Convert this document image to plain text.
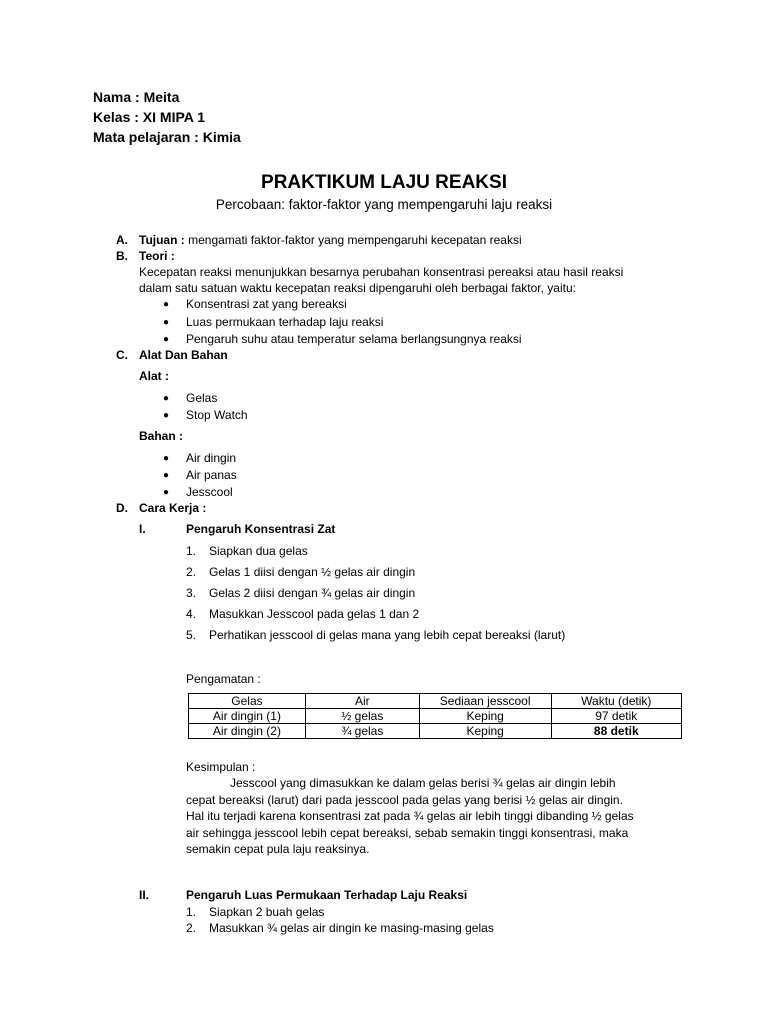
Nama : Meita
Kelas : XI MIPA 1
Mata pelajaran : Kimia
PRAKTIKUM LAJU REAKSI
Percobaan: faktor-faktor yang mempengaruhi laju reaksi
A. Tujuan : mengamati faktor-faktor yang mempengaruhi kecepatan reaksi
B. Teori :
Kecepatan reaksi menunjukkan besarnya perubahan konsentrasi pereaksi atau hasil reaksi
dalam satu satuan waktu kecepatan reaksi dipengaruhi oleh berbagai faktor, yaitu:
● Konsentrasi zat yang bereaksi
● Luas permukaan terhadap laju reaksi
● Pengaruh suhu atau temperatur selama berlangsungnya reaksi
C. Alat Dan Bahan
Alat :
● Gelas
● Stop Watch
Bahan :
● Air dingin
● Air panas
● Jesscool
D. Cara Kerja :
I.	Pengaruh Konsentrasi Zat
1. Siapkan dua gelas
2. Gelas 1 diisi dengan ½ gelas air dingin
3. Gelas 2 diisi dengan ¾ gelas air dingin
4. Masukkan Jesscool pada gelas 1 dan 2
5. Perhatikan jesscool di gelas mana yang lebih cepat bereaksi (larut)
Pengamatan :
Gelas	Air	Sediaan jesscool	Waktu (detik)
Air dingin (1)	½ gelas	Keping	97 detik
Air dingin (2)	¾ gelas	Keping	88 detik
Kesimpulan :
Jesscool yang dimasukkan ke dalam gelas berisi ¾ gelas air dingin lebih
cepat bereaksi (larut) dari pada jesscool pada gelas yang berisi ½ gelas air dingin.
Hal itu terjadi karena konsentrasi zat pada ¾ gelas air lebih tinggi dibanding ½ gelas
air sehingga jesscool lebih cepat bereaksi, sebab semakin tinggi konsentrasi, maka
semakin cepat pula laju reaksinya.
II.	Pengaruh Luas Permukaan Terhadap Laju Reaksi
1. Siapkan 2 buah gelas
2. Masukkan ¾ gelas air dingin ke masing-masing gelas
